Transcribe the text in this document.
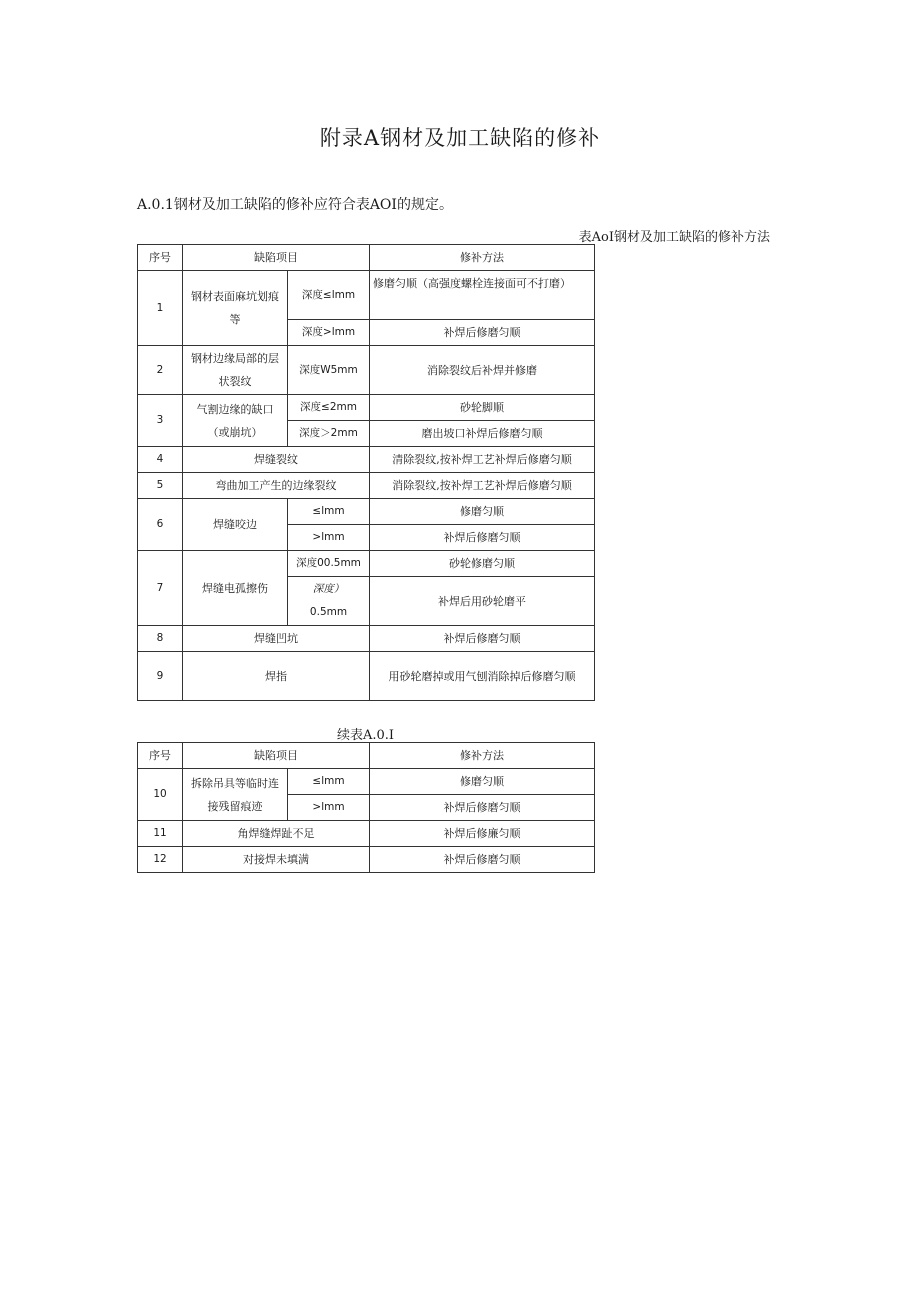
附录A钢材及加工缺陷的修补

A.0.1钢材及加工缺陷的修补应符合表AOI的规定。

表AoI钢材及加工缺陷的修补方法

序号	缺陷项目		修补方法
1	钢材表面麻坑划痕等	深度≤lmm	修磨匀顺（高强度螺栓连接面可不打磨）
		深度>lmm	补焊后修磨匀顺
2	钢材边缘局部的层状裂纹	深度W5mm	消除裂纹后补焊并修磨
3	气割边缘的缺口（或崩坑）	深度≤2mm	砂轮脚顺
		深度＞2mm	磨出坡口补焊后修磨匀顺
4	焊缝裂纹		清除裂纹,按补焊工艺补焊后修磨匀顺
5	弯曲加工产生的边缘裂纹		消除裂纹,按补焊工艺补焊后修磨匀顺
6	焊缝咬边	≤lmm	修磨匀顺
		>lmm	补焊后修磨匀顺
7	焊缝电孤擦伤	深度00.5mm	砂轮修磨匀顺

		深度）
0.5mm	补焊后用砂轮磨平
8	焊缝凹坑		补焊后修磨匀顺
9	焊指		用砂轮磨掉或用气刨消除掉后修磨匀顺

续表A.0.I

序号	缺陷项目		修补方法
10	拆除吊具等临时连接残留痕迹	≤lmm	修磨匀顺
		>lmm	补焊后修磨匀顺
11	角焊缝焊趾不足		补焊后修廉匀顺
12	对接焊未填满		补焊后修磨匀顺
